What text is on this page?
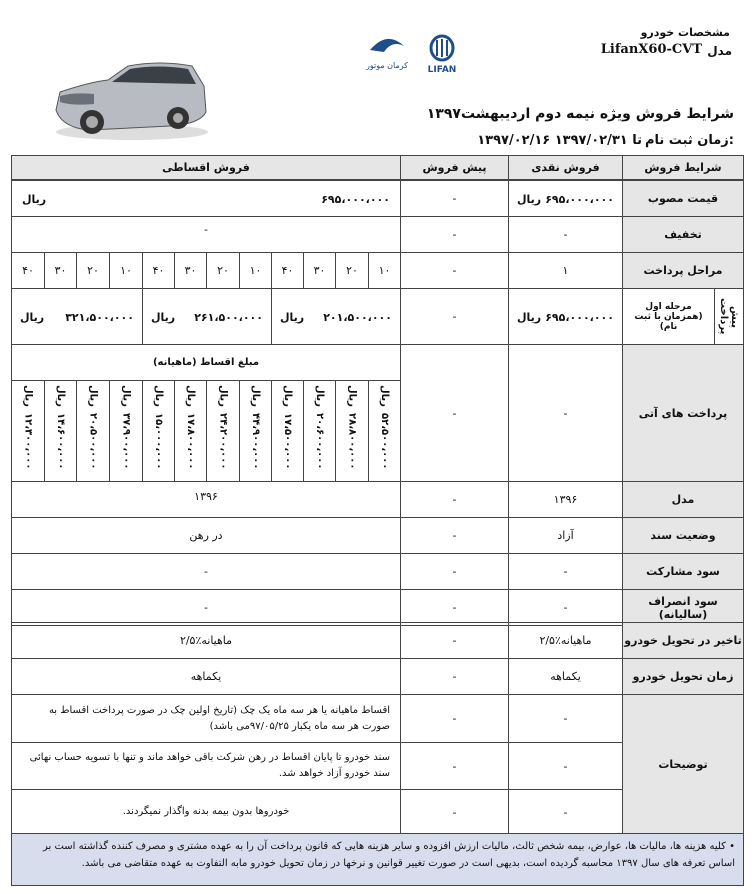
مشخصات خودرو
مدل
LifanX60-CVT
کرمان موتور LIFAN
شرایط فروش ویژه نیمه دوم اردیبهشت۱۳۹۷
زمان ثبت نام:
۱۳۹۷/۰۲/۱۶ تا ۱۳۹۷/۰۲/۳۱
شرایط فروش
فروش نقدی
پیش فروش
فروش اقساطی
قیمت مصوب
۶۹۵،۰۰۰،۰۰۰
ریال
-
۶۹۵،۰۰۰،۰۰۰
ریال
تخفیف
-
-
-
مراحل پرداخت
۱
-
۱۰
۲۰
۳۰
۴۰
۱۰
۲۰
۳۰
۴۰
۱۰
۲۰
۳۰
۴۰
پیش پرداخت
مرحله اول (همزمان با ثبت نام)
۶۹۵،۰۰۰،۰۰۰
ریال
-
۲۰۱،۵۰۰،۰۰۰
ریال
۲۶۱،۵۰۰،۰۰۰
ریال
۳۲۱،۵۰۰،۰۰۰
ریال
پرداخت های آتی
-
-
مبلغ اقساط (ماهیانه)
ریال
۵۲،۵۰۰،۰۰۰
ریال
۲۸،۸۰۰،۰۰۰
ریال
۲۰،۶۰۰،۰۰۰
ریال
۱۷،۵۰۰،۰۰۰
ریال
۴۴،۹۰۰،۰۰۰
ریال
۲۴،۲۰۰،۰۰۰
ریال
۱۷،۸۰۰،۰۰۰
ریال
۱۵،۰۰۰،۰۰۰
ریال
۳۷،۹۰۰،۰۰۰
ریال
۲۰،۵۰۰،۰۰۰
ریال
۱۴،۶۰۰،۰۰۰
ریال
۱۲،۳۰۰،۰۰۰
مدل
۱۳۹۶
-
۱۳۹۶
وضعیت سند
آزاد
-
در رهن
سود مشارکت
-
-
-
سود انصراف (سالیانه)
-
-
-
تاخیر در تحویل خودرو
۲/۵٪ماهیانه
-
۲/۵٪ماهیانه
زمان تحویل خودرو
یکماهه
-
یکماهه
توضیحات
-
-
اقساط ماهیانه یا هر سه ماه یک چک (تاریخ اولین چک در صورت پرداخت اقساط به صورت هر سه ماه یکبار ۹۷/۰۵/۲۵می باشد)
-
-
سند خودرو تا پایان اقساط در رهن شرکت باقی خواهد ماند و تنها با تسویه حساب نهائی سند خودرو آزاد خواهد شد.
-
-
خودروها بدون بیمه بدنه واگذار نمیگردند.
• کلیه هزینه ها، مالیات ها، عوارض، بیمه شخص ثالث، مالیات ارزش افزوده و سایر هزینه هایی که قانون پرداخت آن را به عهده مشتری و مصرف کننده گذاشته است بر اساس تعرفه های سال ۱۳۹۷ محاسبه گردیده است، بدیهی است در صورت تغییر قوانین و نرخها در زمان تحویل خودرو مابه التفاوت به عهده متقاضی می باشد.
